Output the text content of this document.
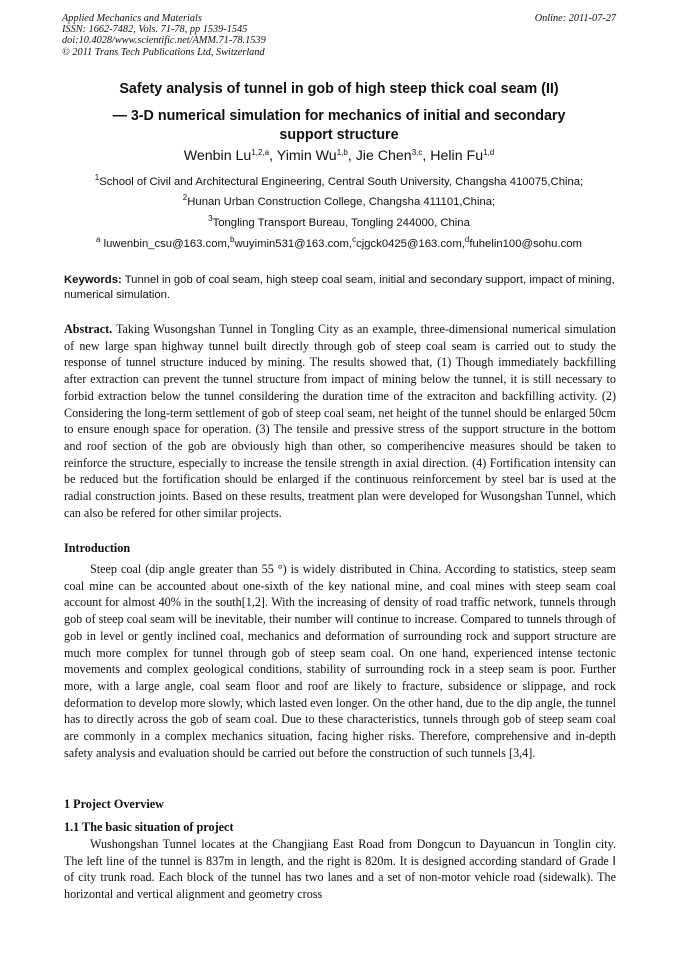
Applied Mechanics and Materials
ISSN: 1662-7482, Vols. 71-78, pp 1539-1545
doi:10.4028/www.scientific.net/AMM.71-78.1539
© 2011 Trans Tech Publications Ltd, Switzerland
Online: 2011-07-27
Safety analysis of tunnel in gob of high steep thick coal seam (II)
— 3-D numerical simulation for mechanics of initial and secondary
support structure
Wenbin Lu$^{1,2,a}$, Yimin Wu$^{1,b}$, Jie Chen$^{3,c}$, Helin Fu$^{1,d}$
$^1$School of Civil and Architectural Engineering, Central South University, Changsha 410075,China;
$^2$Hunan Urban Construction College, Changsha 411101,China;
$^3$Tongling Transport Bureau, Tongling 244000, China
$^a$ luwenbin_csu@163.com,$^b$wuyimin531@163.com,$^c$cjgck0425@163.com,$^d$fuhelin100@sohu.com
Keywords: Tunnel in gob of coal seam, high steep coal seam, initial and secondary support, impact of mining, numerical simulation.
Abstract. Taking Wusongshan Tunnel in Tongling City as an example, three-dimensional numerical simulation of new large span highway tunnel built directly through gob of steep coal seam is carried out to study the response of tunnel structure induced by mining. The results showed that, (1) Though immediately backfilling after extraction can prevent the tunnel structure from impact of mining below the tunnel, it is still necessary to forbid extraction below the tunnel consildering the duration time of the extraciton and backfilling activity. (2) Considering the long-term settlement of gob of steep coal seam, net height of the tunnel should be enlarged 50cm to ensure enough space for operation. (3) The tensile and pressive stress of the support structure in the bottom and roof section of the gob are obviously high than other, so comperihencive measures should be taken to reinforce the structure, especially to increase the tensile strength in axial direction. (4) Fortification intensity can be reduced but the fortification should be enlarged if the continuous reinforcement by steel bar is used at the radial construction joints. Based on these results, treatment plan were developed for Wusongshan Tunnel, which can also be refered for other similar projects.
Introduction
Steep coal (dip angle greater than 55 °) is widely distributed in China. According to statistics, steep seam coal mine can be accounted about one-sixth of the key national mine, and coal mines with steep seam coal account for almost 40% in the south[1,2]. With the increasing of density of road traffic network, tunnels through gob of steep coal seam will be inevitable, their number will continue to increase. Compared to tunnels through of gob in level or gently inclined coal, mechanics and deformation of surrounding rock and support structure are much more complex for tunnel through gob of steep seam coal. On one hand, experienced intense tectonic movements and complex geological conditions, stability of surrounding rock in a steep seam is poor. Further more, with a large angle, coal seam floor and roof are likely to fracture, subsidence or slippage, and rock deformation to develop more slowly, which lasted even longer. On the other hand, due to the dip angle, the tunnel has to directly across the gob of seam coal. Due to these characteristics, tunnels through gob of steep seam coal are commonly in a complex mechanics situation, facing higher risks. Therefore, comprehensive and in-depth safety analysis and evaluation should be carried out before the construction of such tunnels [3,4].
1 Project Overview
1.1 The basic situation of project
Wushongshan Tunnel locates at the Changjiang East Road from Dongcun to Dayuancun in Tonglin city. The left line of the tunnel is 837m in length, and the right is 820m. It is designed according standard of Grade Ⅰ of city trunk road. Each block of the tunnel has two lanes and a set of non-motor vehicle road (sidewalk). The horizontal and vertical alignment and geometry cross
